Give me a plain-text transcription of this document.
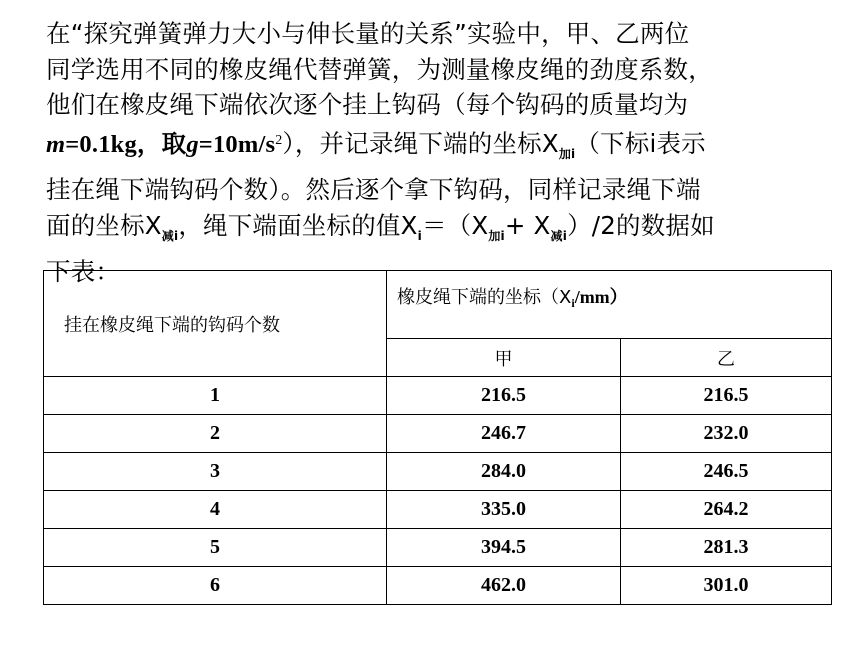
在“探究弹簧弹力大小与伸长量的关系”实验中，甲、乙两位
同学选用不同的橡皮绳代替弹簧，为测量橡皮绳的劲度系数，
他们在橡皮绳下端依次逐个挂上钩码（每个钩码的质量均为
m=0.1kg，取$g=10m/s^2$），并记录绳下端的坐标$X_{加i}$（下标i表示
挂在绳下端钩码个数）。然后逐个拿下钩码，同样记录绳下端
面的坐标$X_{减i}$，绳下端面坐标的值$X_i=(X_{加i}+ X_{减i})/2$的数据如
下表：
挂在橡皮绳下端的钩码个数	橡皮绳下端的坐标$(X_i/mm)$	
	甲	乙
1	216.5	216.5
2	246.7	232.0
3	284.0	246.5
4	335.0	264.2
5	394.5	281.3
6	462.0	301.0
